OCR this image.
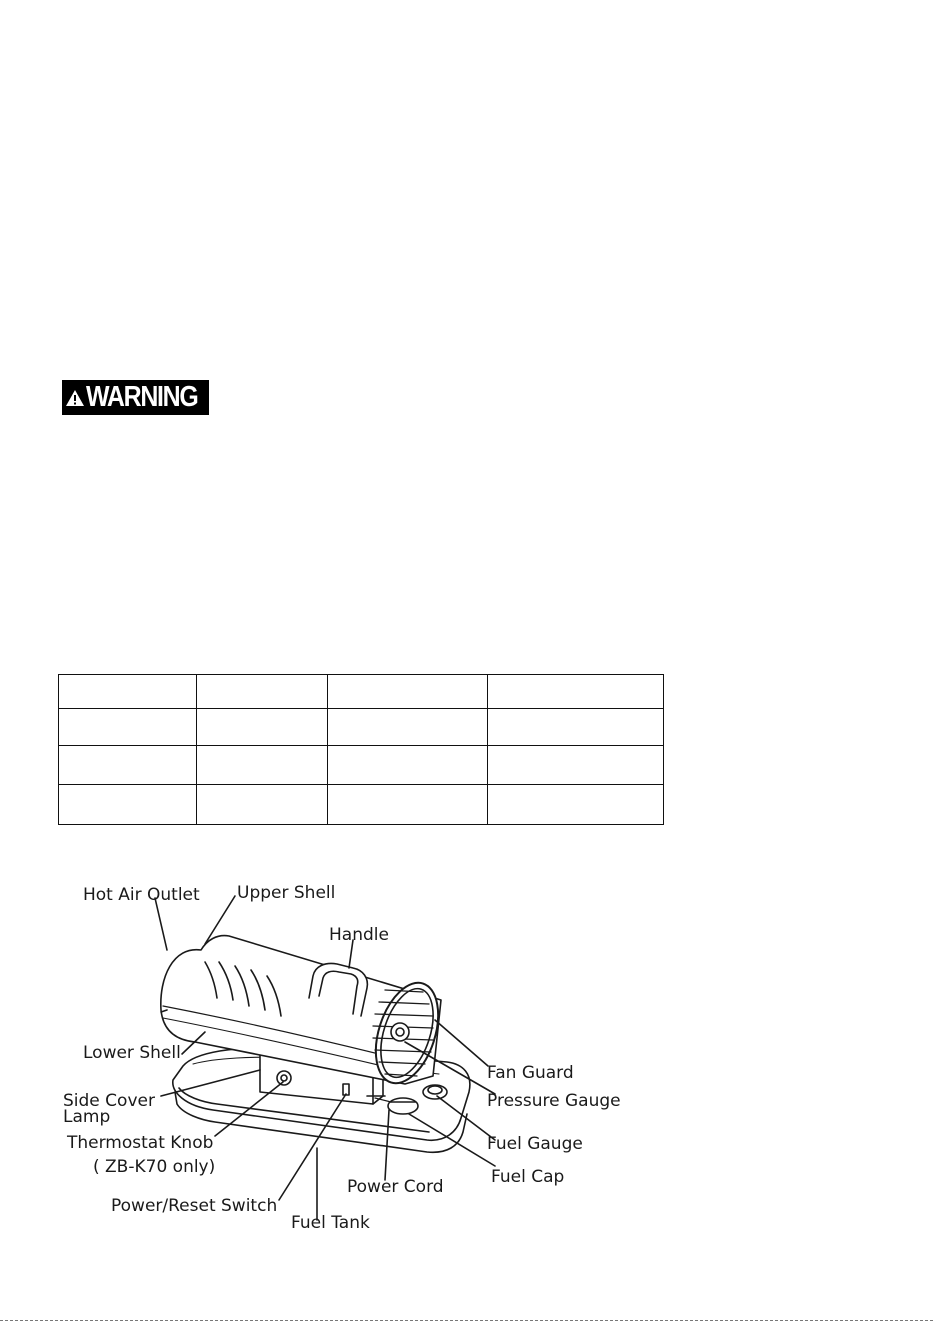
WARNING

Hot Air Outlet Upper Shell
Handle
Lower Shell
Fan Guard
Side Cover
Lamp
Pressure Gauge
Thermostat Knob
( ZB-K70 only)
Fuel Gauge
Fuel Cap
Power Cord
Power/Reset Switch
Fuel Tank
